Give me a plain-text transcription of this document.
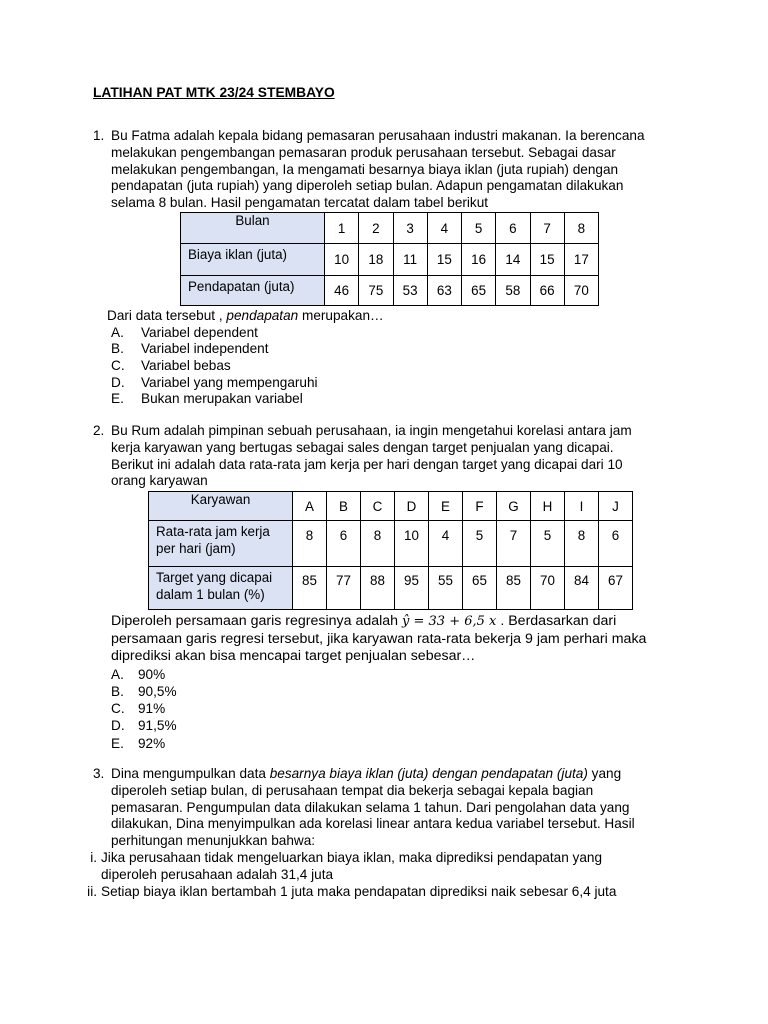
LATIHAN PAT MTK 23/24 STEMBAYO
1. Bu Fatma adalah kepala bidang pemasaran perusahaan industri makanan. Ia berencana

melakukan pengembangan pemasaran produk perusahaan tersebut. Sebagai dasar

melakukan pengembangan, Ia mengamati besarnya biaya iklan (juta rupiah) dengan

pendapatan (juta rupiah) yang diperoleh setiap bulan. Adapun pengamatan dilakukan

selama 8 bulan. Hasil pengamatan tercatat dalam tabel berikut

Bulan	1	2	3	4	5	6	7	8
Biaya iklan (juta)	10	18	11	15	16	14	15	17
Pendapatan (juta)	46	75	53	63	65	58	66	70
Dari data tersebut , pendapatan merupakan…
A.	Variabel dependent
B.	Variabel independent
C.	Variabel bebas
D.	Variabel yang mempengaruhi
E.	Bukan merupakan variabel
2. Bu Rum adalah pimpinan sebuah perusahaan, ia ingin mengetahui korelasi antara jam

kerja karyawan yang bertugas sebagai sales dengan target penjualan yang dicapai.

Berikut ini adalah data rata-rata jam kerja per hari dengan target yang dicapai dari 10

orang karyawan

Karyawan	A	B	C	D	E	F	G	H	I	J

Rata-rata jam kerja
per hari (jam)	8	6	8	10	4	5	7	5	8	6

Target yang dicapai
dalam 1 bulan (%)	85	77	88	95	55	65	85	70	84	67
Diperoleh persamaan garis regresinya adalah ŷ = 33 + 6,5 x . Berdasarkan dari
persamaan garis regresi tersebut, jika karyawan rata-rata bekerja 9 jam perhari maka
diprediksi akan bisa mencapai target penjualan sebesar…
A.	90%
B.	90,5%
C. 91%
D. 91,5%
E.	92%
3. Dina mengumpulkan data besarnya biaya iklan (juta) dengan pendapatan (juta) yang

diperoleh setiap bulan, di perusahaan tempat dia bekerja sebagai kepala bagian

pemasaran. Pengumpulan data dilakukan selama 1 tahun. Dari pengolahan data yang

dilakukan, Dina menyimpulkan ada korelasi linear antara kedua variabel tersebut. Hasil

perhitungan menunjukkan bahwa:

i. Jika perusahaan tidak mengeluarkan biaya iklan, maka diprediksi pendapatan yang
diperoleh perusahaan adalah 31,4 juta
ii. Setiap biaya iklan bertambah 1 juta maka pendapatan diprediksi naik sebesar 6,4 juta
